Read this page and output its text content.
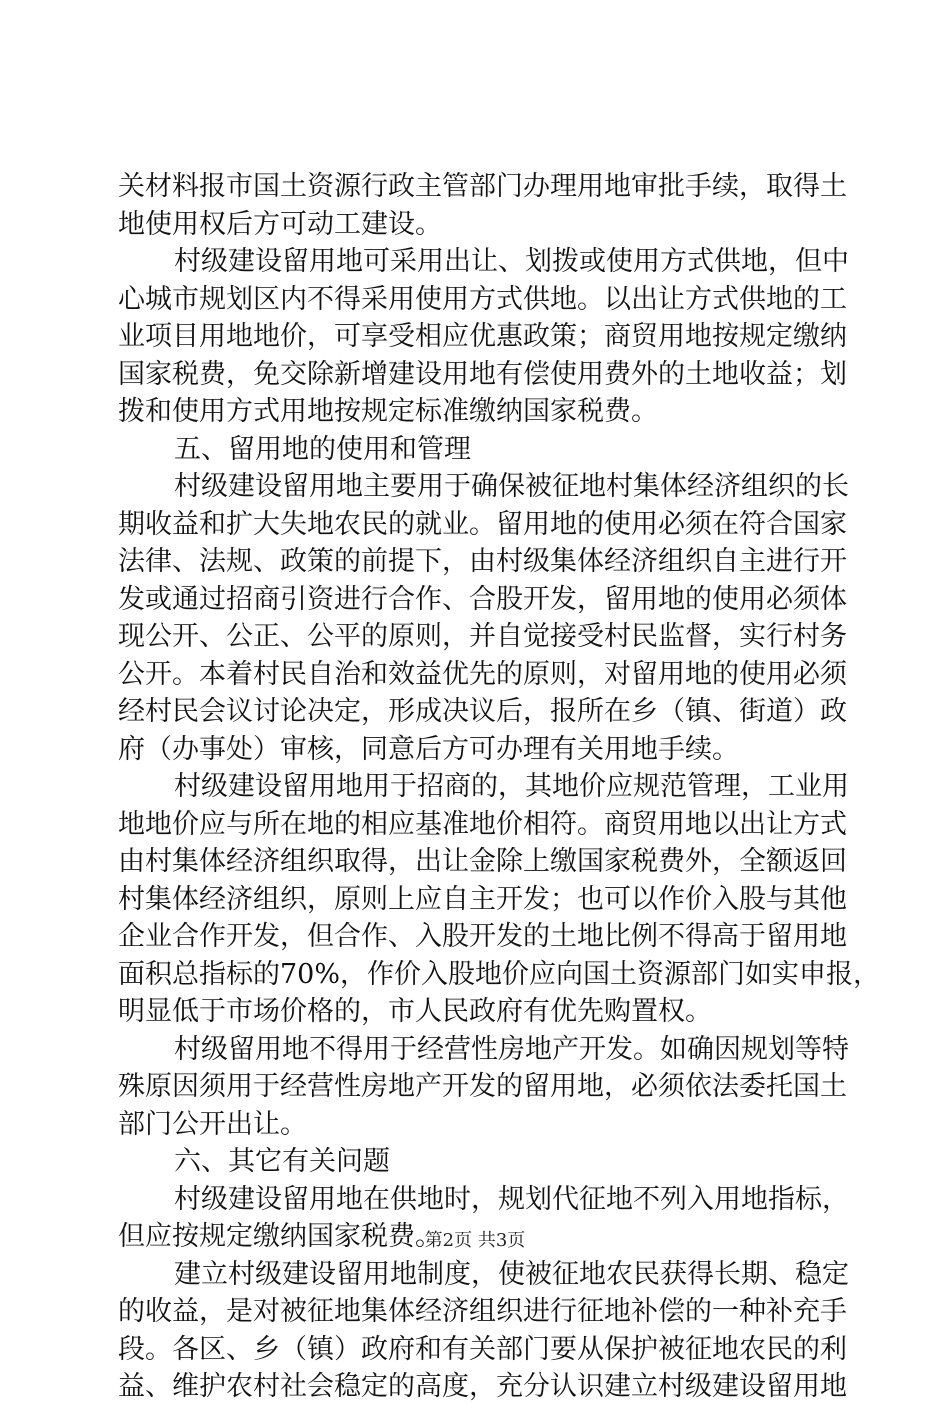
关材料报市国土资源行政主管部门办理用地审批手续，取得土
地使用权后方可动工建设。
村级建设留用地可采用出让、划拨或使用方式供地，但中
心城市规划区内不得采用使用方式供地。以出让方式供地的工
业项目用地地价，可享受相应优惠政策；商贸用地按规定缴纳
国家税费，免交除新增建设用地有偿使用费外的土地收益；划
拨和使用方式用地按规定标准缴纳国家税费。
五、留用地的使用和管理
村级建设留用地主要用于确保被征地村集体经济组织的长
期收益和扩大失地农民的就业。留用地的使用必须在符合国家
法律、法规、政策的前提下，由村级集体经济组织自主进行开
发或通过招商引资进行合作、合股开发，留用地的使用必须体
现公开、公正、公平的原则，并自觉接受村民监督，实行村务
公开。本着村民自治和效益优先的原则，对留用地的使用必须
经村民会议讨论决定，形成决议后，报所在乡（镇、街道）政
府（办事处）审核，同意后方可办理有关用地手续。
村级建设留用地用于招商的，其地价应规范管理，工业用
地地价应与所在地的相应基准地价相符。商贸用地以出让方式
由村集体经济组织取得，出让金除上缴国家税费外，全额返回
村集体经济组织，原则上应自主开发；也可以作价入股与其他
企业合作开发，但合作、入股开发的土地比例不得高于留用地
面积总指标的70%，作价入股地价应向国土资源部门如实申报，
明显低于市场价格的，市人民政府有优先购置权。
村级留用地不得用于经营性房地产开发。如确因规划等特
殊原因须用于经营性房地产开发的留用地，必须依法委托国土
部门公开出让。
六、其它有关问题
村级建设留用地在供地时，规划代征地不列入用地指标，
但应按规定缴纳国家税费。
建立村级建设留用地制度，使被征地农民获得长期、稳定
的收益，是对被征地集体经济组织进行征地补偿的一种补充手
段。各区、乡（镇）政府和有关部门要从保护被征地农民的利
益、维护农村社会稳定的高度，充分认识建立村级建设留用地
第2页 共3页
